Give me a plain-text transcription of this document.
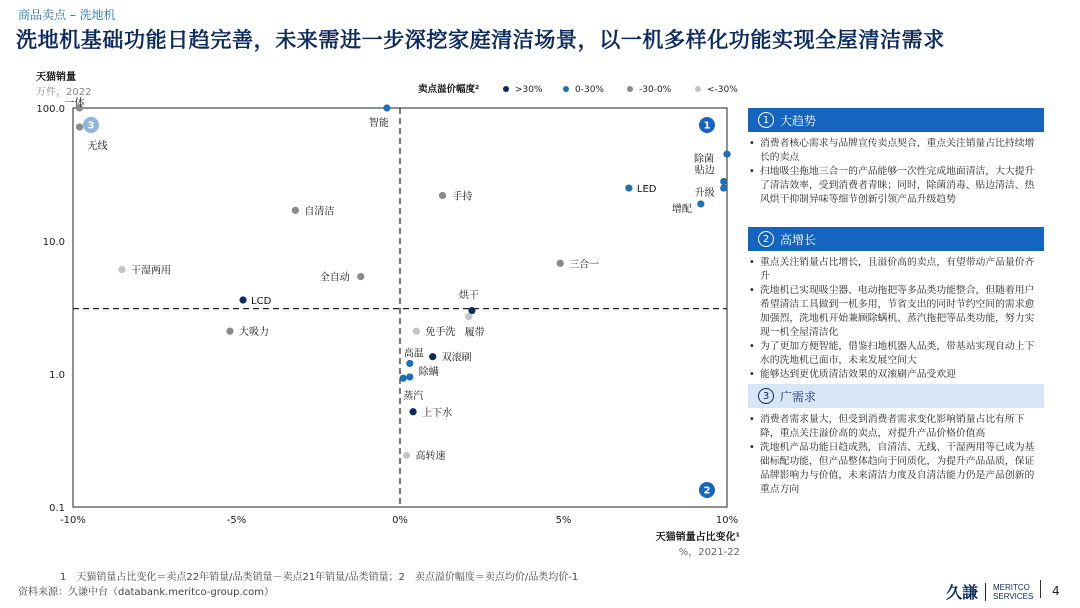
商品卖点 – 洗地机
洗地机基础功能日趋完善，未来需进一步深挖家庭清洁场景，以一机多样化功能实现全屋清洁需求
100.0
10.0
1.0
0.1
-10%	-5%	0%	5%	10%
天猫销量
万件，2022
天猫销量占比变化¹
%，2021-22
卖点溢价幅度²	>30%	0-30%	-30-0%	<-30%
一体
无线
智能
除菌
贴边
升级
LED
增配
手持
自清洁
干湿两用
全自动
三合一
LCD	烘干
履带
大吸力	免手洗
双滚刷
高温
除螨
蒸汽
上下水
高转速
1
2
3
1 大趋势
• 消费者核心需求与品牌宣传卖点契合，重点关注销量占比持续增长的卖点
• 扫地吸尘拖地三合一的产品能够一次性完成地面清洁，大大提升了清洁效率，受到消费者青睐；同时，除菌消毒、贴边清洁、热风烘干抑制异味等细节创新引领产品升级趋势
2 高增长
• 重点关注销量占比增长，且溢价高的卖点，有望带动产品量价齐升
• 洗地机已实现吸尘器、电动拖把等多品类功能整合，但随着用户希望清洁工具做到一机多用，节省支出的同时节约空间的需求愈加强烈，洗地机开始兼顾除螨机、蒸汽拖把等品类功能，努力实现一机全屋清洁化
• 为了更加方便智能，借鉴扫地机器人品类，带基站实现自动上下水的洗地机已面市，未来发展空间大
• 能够达到更优质清洁效果的双滚刷产品受欢迎
3 广需求
• 消费者需求量大，但受到消费者需求变化影响销量占比有所下降，重点关注溢价高的卖点，对提升产品价格价值高
• 洗地机产品功能日趋成熟，自清洁、无线、干湿两用等已成为基础标配功能，但产品整体趋向于同质化，为提升产品品质，保证品牌影响力与价值，未来清洁力度及自清洁能力仍是产品创新的重点方向
1　天猫销量占比变化＝卖点22年销量/品类销量－卖点21年销量/品类销量；2　卖点溢价幅度＝卖点均价/品类均价-1
资料来源：久谦中台（databank.meritco-group.com）	久謙 MERITCO
SERVICES 4
